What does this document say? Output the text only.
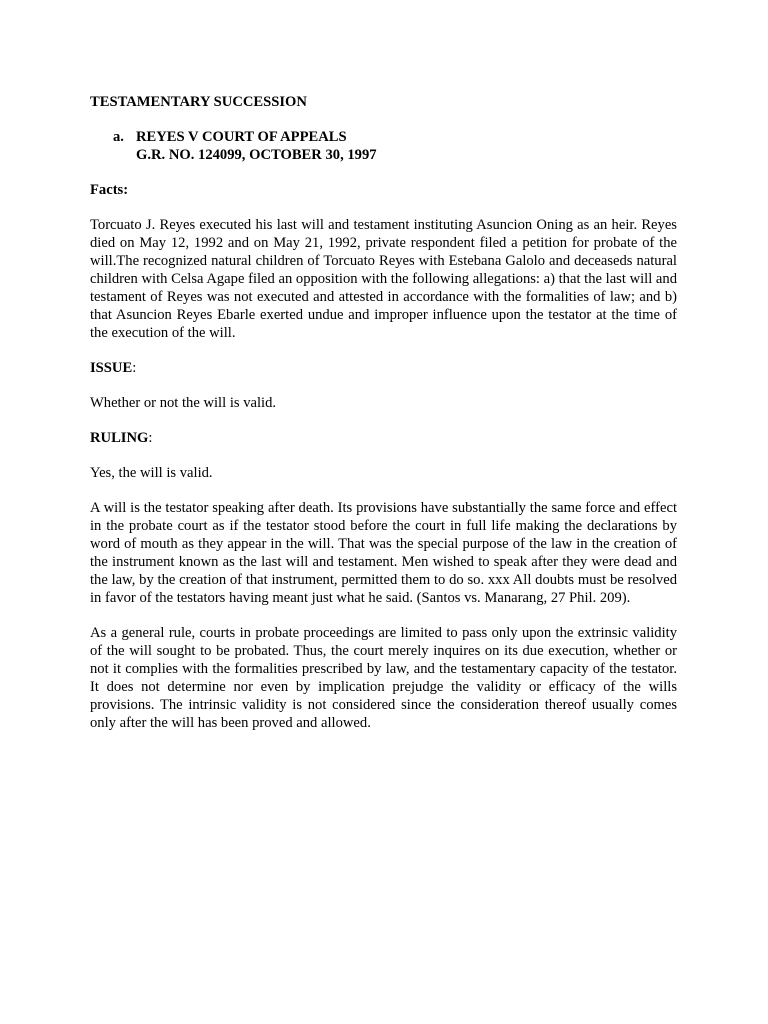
TESTAMENTARY SUCCESSION
a. REYES V COURT OF APPEALS
G.R. NO. 124099, OCTOBER 30, 1997
Facts:

Torcuato J. Reyes executed his last will and testament instituting Asuncion Oning as an heir. Reyes died on May 12, 1992 and on May 21, 1992, private respondent filed a petition for probate of the will.The recognized natural children of Torcuato Reyes with Estebana Galolo and deceaseds natural children with Celsa Agape filed an opposition with the following allegations: a) that the last will and testament of Reyes was not executed and attested in accordance with the formalities of law; and b) that Asuncion Reyes Ebarle exerted undue and improper influence upon the testator at the time of the execution of the will.

ISSUE:

Whether or not the will is valid.

RULING:

Yes, the will is valid.

A will is the testator speaking after death. Its provisions have substantially the same force and effect in the probate court as if the testator stood before the court in full life making the declarations by word of mouth as they appear in the will. That was the special purpose of the law in the creation of the instrument known as the last will and testament. Men wished to speak after they were dead and the law, by the creation of that instrument, permitted them to do so. xxx All doubts must be resolved in favor of the testators having meant just what he said. (Santos vs. Manarang, 27 Phil. 209).

As a general rule, courts in probate proceedings are limited to pass only upon the extrinsic validity of the will sought to be probated. Thus, the court merely inquires on its due execution, whether or not it complies with the formalities prescribed by law, and the testamentary capacity of the testator. It does not determine nor even by implication prejudge the validity or efficacy of the wills provisions. The intrinsic validity is not considered since the consideration thereof usually comes only after the will has been proved and allowed.
